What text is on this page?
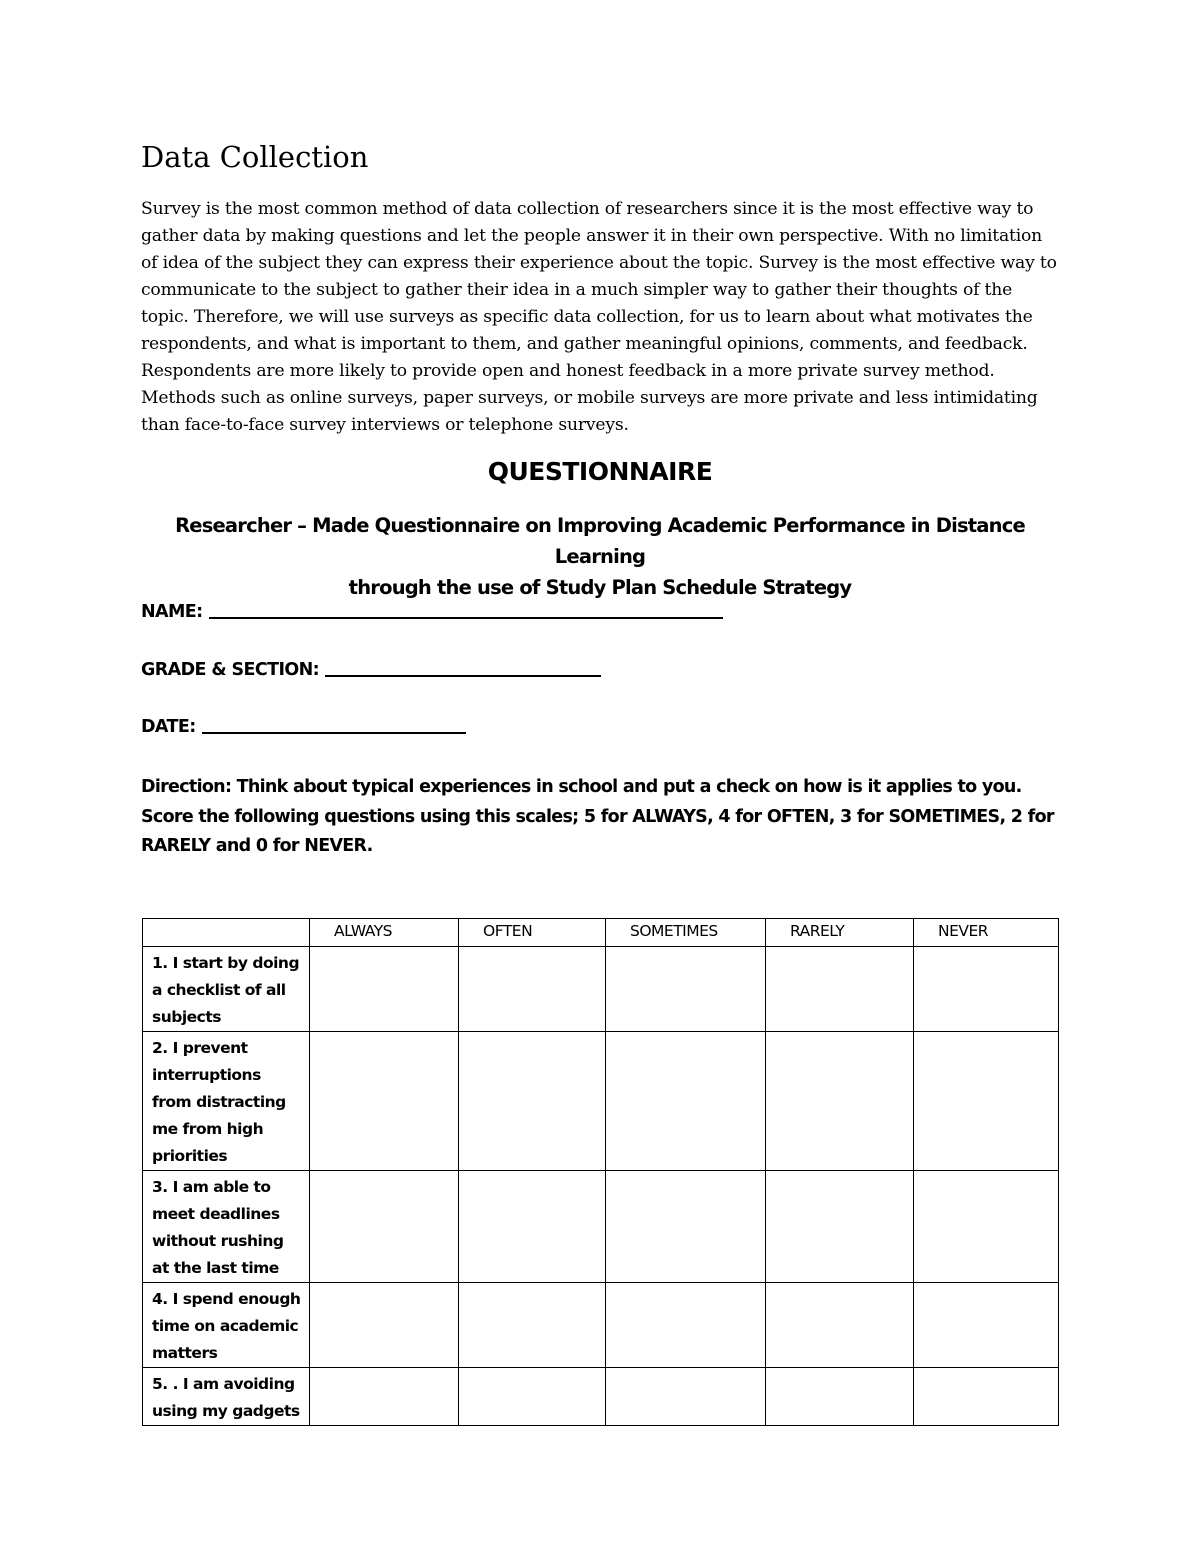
Data Collection

Survey is the most common method of data collection of researchers since it is the most effective way to gather data by making questions and let the people answer it in their own perspective. With no limitation of idea of the subject they can express their experience about the topic. Survey is the most effective way to communicate to the subject to gather their idea in a much simpler way to gather their thoughts of the topic. Therefore, we will use surveys as specific data collection, for us to learn about what motivates the respondents, and what is important to them, and gather meaningful opinions, comments, and feedback. Respondents are more likely to provide open and honest feedback in a more private survey method. Methods such as online surveys, paper surveys, or mobile surveys are more private and less intimidating than face-to-face survey interviews or telephone surveys.

QUESTIONNAIRE
Researcher – Made Questionnaire on Improving Academic Performance in Distance Learning
through the use of Study Plan Schedule Strategy
NAME:
GRADE & SECTION:
DATE:

Direction: Think about typical experiences in school and put a check on how is it applies to you. Score the following questions using this scales; 5 for ALWAYS, 4 for OFTEN, 3 for SOMETIMES, 2 for RARELY and 0 for NEVER.

	ALWAYS	OFTEN	SOMETIMES	RARELY	NEVER
1. I start by doing a checklist of all subjects					
2. I prevent interruptions from distracting me from high priorities					
3. I am able to meet deadlines without rushing at the last time					
4. I spend enough time on academic matters					
5. . I am avoiding using my gadgets					
